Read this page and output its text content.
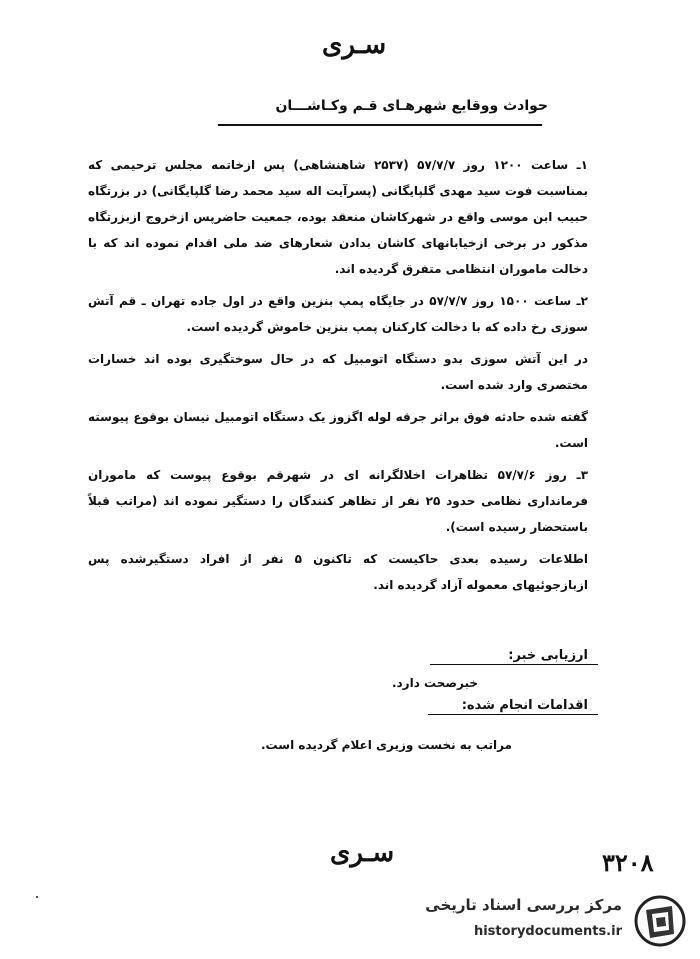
سـری
حوادث ووقایع شهرهـای قـم وکـاشـــان

۱ـ ساعت ۱۲۰۰ روز ۵۷/۷/۷ (۲۵۳۷ شاهنشاهی) پس ازخاتمه مجلس ترحیمی که بمناسبت فوت سید مهدی گلپایگانی (پسرآیت اله سید محمد رضا گلپایگانی) در بزرتگاه حبیب ابن موسی واقع در شهرکاشان منعقد بوده، جمعیت حاضرپس ازخروج ازبزرتگاه مذکور در برخی ازخیابانهای کاشان بدادن شعارهای ضد ملی اقدام نموده اند که با دخالت ماموران انتظامی متفرق گردیده اند.

۲ـ ساعت ۱۵۰۰ روز ۵۷/۷/۷ در جایگاه پمپ بنزین واقع در اول جاده تهران ـ قم آتش سوزی رخ داده که با دخالت کارکنان پمپ بنزین خاموش گردیده است.

در این آتش سوزی بدو دستگاه اتومبیل که در حال سوختگیری بوده اند خسارات مختصری وارد شده است.

گفته شده حادثه فوق براثر جرقه لوله اگزوز یک دستگاه اتومبیل نیسان بوقوع پیوسته است.

۳ـ روز ۵۷/۷/۶ تظاهرات اخلالگرانه ای در شهرقم بوقوع پیوست که ماموران فرمانداری نظامی حدود ۲۵ نفر از تظاهر کنندگان را دستگیر نموده اند (مراتب قبلاً باستحضار رسیده است).

اطلاعات رسیده بعدی حاکیست که تاکنون ۵ نفر از افراد دستگیرشده پس ازبازجوئیهای معموله آزاد گردیده اند.

ارزیابی خبر:
خبرصحت دارد.
اقدامات انجام شده:
مراتب به نخست وزیری اعلام گردیده است.
سـری	۳۲۰۸
مرکز بررسی اسناد تاریخی
historydocuments.ir
